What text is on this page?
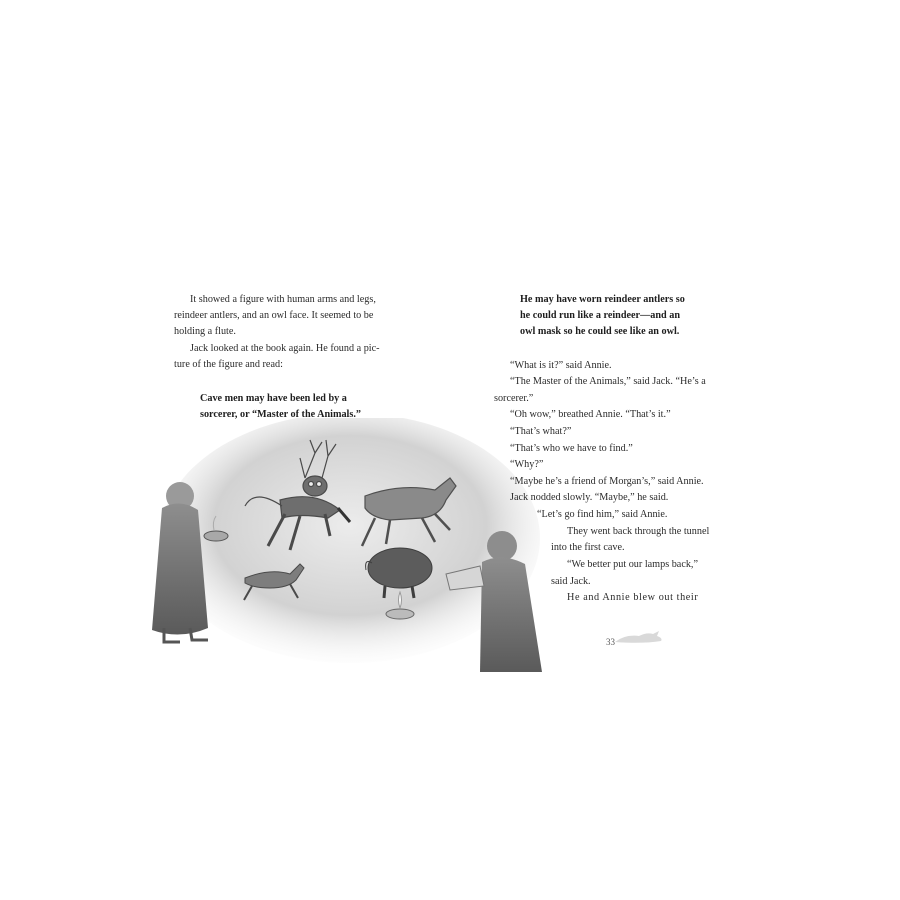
It showed a figure with human arms and legs,
reindeer antlers, and an owl face. It seemed to be
holding a flute.
Jack looked at the book again. He found a pic-
ture of the figure and read:
Cave men may have been led by a
sorcerer, or “Master of the Animals.”
He may have worn reindeer antlers so
he could run like a reindeer—and an
owl mask so he could see like an owl.
“What is it?” said Annie.
“The Master of the Animals,” said Jack. “He’s a
sorcerer.”
“Oh wow,” breathed Annie. “That’s it.”
“That’s what?”
“That’s who we have to find.”
“Why?”
“Maybe he’s a friend of Morgan’s,” said Annie.
Jack nodded slowly. “Maybe,” he said.
“Let’s go find him,” said Annie.
They went back through the tunnel
into the first cave.
“We better put our lamps back,”
said Jack.
He and Annie blew out their
33
